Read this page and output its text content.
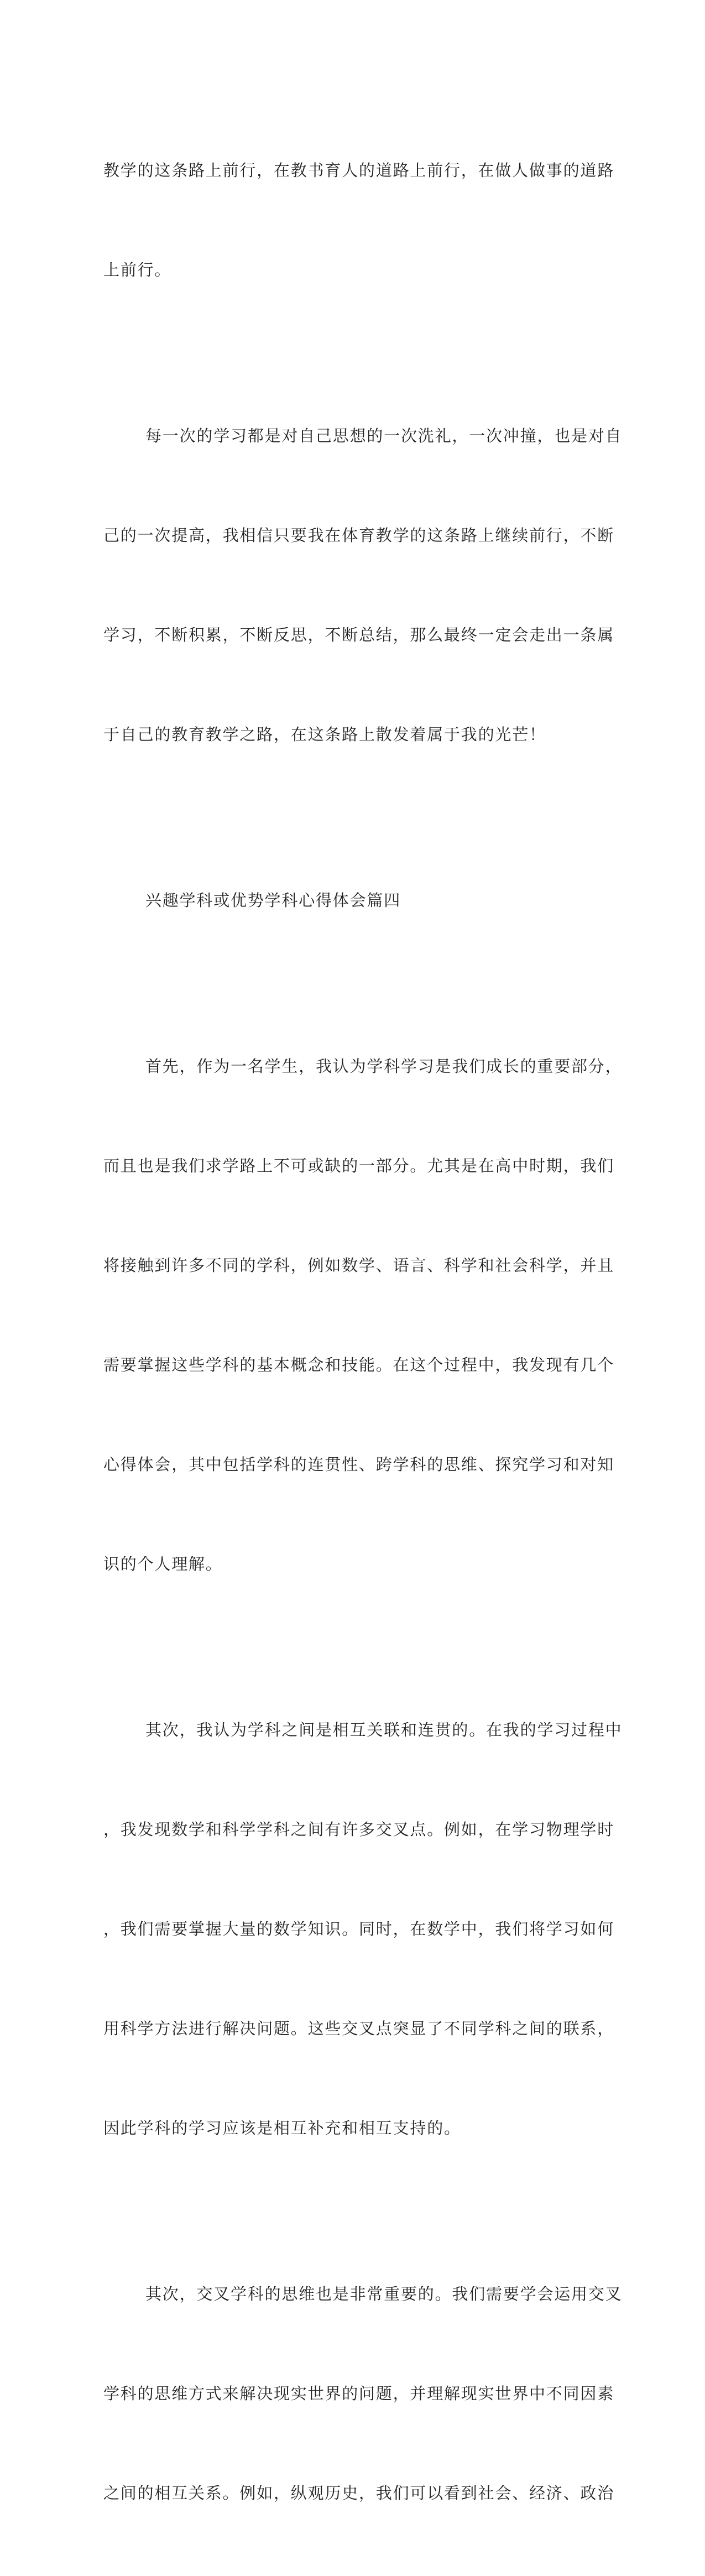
教学的这条路上前行，在教书育人的道路上前行，在做人做事的道路

上前行。

每一次的学习都是对自己思想的一次洗礼，一次冲撞，也是对自

己的一次提高，我相信只要我在体育教学的这条路上继续前行，不断

学习，不断积累，不断反思，不断总结，那么最终一定会走出一条属

于自己的教育教学之路，在这条路上散发着属于我的光芒！

兴趣学科或优势学科心得体会篇四

首先，作为一名学生，我认为学科学习是我们成长的重要部分，

而且也是我们求学路上不可或缺的一部分。尤其是在高中时期，我们

将接触到许多不同的学科，例如数学、语言、科学和社会科学，并且

需要掌握这些学科的基本概念和技能。在这个过程中，我发现有几个

心得体会，其中包括学科的连贯性、跨学科的思维、探究学习和对知

识的个人理解。

其次，我认为学科之间是相互关联和连贯的。在我的学习过程中

，我发现数学和科学学科之间有许多交叉点。例如，在学习物理学时

，我们需要掌握大量的数学知识。同时，在数学中，我们将学习如何

用科学方法进行解决问题。这些交叉点突显了不同学科之间的联系，

因此学科的学习应该是相互补充和相互支持的。

其次，交叉学科的思维也是非常重要的。我们需要学会运用交叉

学科的思维方式来解决现实世界的问题，并理解现实世界中不同因素

之间的相互关系。例如，纵观历史，我们可以看到社会、经济、政治
